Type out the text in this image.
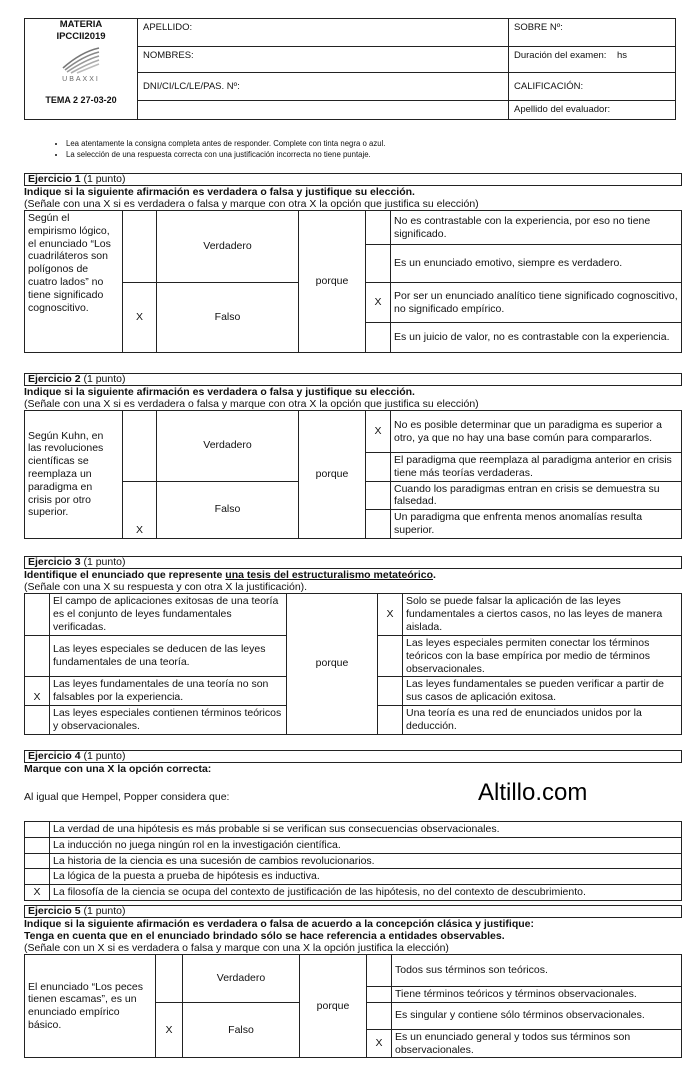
MATERIA
IPCCII2019
UBAXXI
TEMA 2 27-03-20	APELLIDO:	SOBRE Nº:
	NOMBRES:	Duración del examen: hs
	DNI/CI/LC/LE/PAS. Nº:	CALIFICACIÓN:
		Apellido del evaluador:
• Lea atentamente la consigna completa antes de responder. Complete con tinta negra o azul.
• La selección de una respuesta correcta con una justificación incorrecta no tiene puntaje.
Ejercicio 1 (1 punto)
Indique si la siguiente afirmación es verdadera o falsa y justifique su elección.
(Señale con una X si es verdadera o falsa y marque con otra X la opción que justifica su elección)
Según el empirismo lógico, el enunciado “Los cuadriláteros son polígonos de cuatro lados” no tiene significado cognoscitivo.		Verdadero	porque		No es contrastable con la experiencia, por eso no tiene significado.
					Es un enunciado emotivo, siempre es verdadero.
	X	Falso		X	Por ser un enunciado analítico tiene significado cognoscitivo, no significado empírico.
					Es un juicio de valor, no es contrastable con la experiencia.
Ejercicio 2 (1 punto)
Indique si la siguiente afirmación es verdadera o falsa y justifique su elección.
(Señale con una X si es verdadera o falsa y marque con otra X la opción que justifica su elección)
Según Kuhn, en las revoluciones científicas se reemplaza un paradigma en crisis por otro superior.		Verdadero	porque	X	No es posible determinar que un paradigma es superior a otro, ya que no hay una base común para compararlos.
					El paradigma que reemplaza al paradigma anterior en crisis tiene más teorías verdaderas.
	X	Falso			Cuando los paradigmas entran en crisis se demuestra su falsedad.
					Un paradigma que enfrenta menos anomalías resulta superior.
Ejercicio 3 (1 punto)
Identifique el enunciado que represente una tesis del estructuralismo metateórico.
(Señale con una X su respuesta y con otra X la justificación).
	El campo de aplicaciones exitosas de una teoría es el conjunto de leyes fundamentales verificadas.	porque	X	Solo se puede falsar la aplicación de las leyes fundamentales a ciertos casos, no las leyes de manera aislada.
	Las leyes especiales se deducen de las leyes fundamentales de una teoría.			Las leyes especiales permiten conectar los términos teóricos con la base empírica por medio de términos observacionales.
X	Las leyes fundamentales de una teoría no son falsables por la experiencia.			Las leyes fundamentales se pueden verificar a partir de sus casos de aplicación exitosa.
	Las leyes especiales contienen términos teóricos y observacionales.			Una teoría es una red de enunciados unidos por la deducción.
Ejercicio 4 (1 punto)
Marque con una X la opción correcta:
Al igual que Hempel, Popper considera que:
	La verdad de una hipótesis es más probable si se verifican sus consecuencias observacionales.
	La inducción no juega ningún rol en la investigación científica.
	La historia de la ciencia es una sucesión de cambios revolucionarios.
	La lógica de la puesta a prueba de hipótesis es inductiva.
X	La filosofía de la ciencia se ocupa del contexto de justificación de las hipótesis, no del contexto de descubrimiento.
Altillo.com
Ejercicio 5 (1 punto)
Indique si la siguiente afirmación es verdadera o falsa de acuerdo a la concepción clásica y justifique:
Tenga en cuenta que en el enunciado brindado sólo se hace referencia a entidades observables.
(Señale con un X si es verdadera o falsa y marque con una X la opción justifica la elección)
El enunciado “Los peces tienen escamas”, es un enunciado empírico básico.		Verdadero	porque		Todos sus términos son teóricos.
					Tiene términos teóricos y términos observacionales.
	X	Falso			Es singular y contiene sólo términos observacionales.
				X	Es un enunciado general y todos sus términos son observacionales.
